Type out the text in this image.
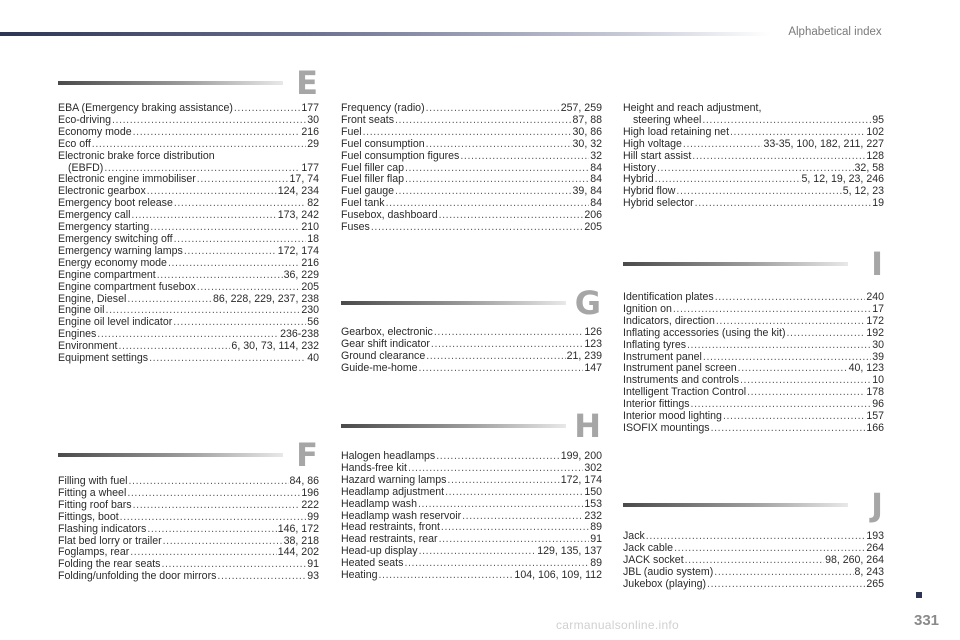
Alphabetical index
E
EBA (Emergency braking assistance) .....	177
Eco-driving .....	30
Economy mode .....	216
Eco off .....	29
Electronic brake force distribution
(EBFD) .....	177
Electronic engine immobiliser .....	17, 74
Electronic gearbox .....	124, 234
Emergency boot release .....	82
Emergency call .....	173, 242
Emergency starting .....	210
Emergency switching off .....	18
Emergency warning lamps .....	172, 174
Energy economy mode .....	216
Engine compartment .....	36, 229
Engine compartment fusebox .....	205
Engine, Diesel .....	86, 228, 229, 237, 238
Engine oil .....	230
Engine oil level indicator .....	56
Engines .....	236-238
Environment .....	6, 30, 73, 114, 232
Equipment settings .....	40
F
Filling with fuel .....	84, 86
Fitting a wheel .....	196
Fitting roof bars .....	222
Fittings, boot .....	99
Flashing indicators .....	146, 172
Flat bed lorry or trailer .....	38, 218
Foglamps, rear .....	144, 202
Folding the rear seats .....	91
Folding/unfolding the door mirrors .....	93
Frequency (radio) .....	257, 259
Front seats .....	87, 88
Fuel .....	30, 86
Fuel consumption .....	30, 32
Fuel consumption figures .....	32
Fuel filler cap .....	84
Fuel filler flap .....	84
Fuel gauge .....	39, 84
Fuel tank .....	84
Fusebox, dashboard .....	206
Fuses .....	205
G
Gearbox, electronic .....	126
Gear shift indicator .....	123
Ground clearance .....	21, 239
Guide-me-home .....	147
H
Halogen headlamps .....	199, 200
Hands-free kit .....	302
Hazard warning lamps .....	172, 174
Headlamp adjustment .....	150
Headlamp wash .....	153
Headlamp wash reservoir .....	232
Head restraints, front .....	89
Head restraints, rear .....	91
Head-up display .....	129, 135, 137
Heated seats .....	89
Heating .....	104, 106, 109, 112
Height and reach adjustment,
steering wheel .....	95
High load retaining net .....	102
High voltage .....	33-35, 100, 182, 211, 227
Hill start assist .....	128
History .....	32, 58
Hybrid .....	5, 12, 19, 23, 246
Hybrid flow .....	5, 12, 23
Hybrid selector .....	19
I
Identification plates .....	240
Ignition on .....	17
Indicators, direction .....	172
Inflating accessories (using the kit) .....	192
Inflating tyres .....	30
Instrument panel .....	39
Instrument panel screen .....	40, 123
Instruments and controls .....	10
Intelligent Traction Control .....	178
Interior fittings .....	96
Interior mood lighting .....	157
ISOFIX mountings .....	166
J
Jack .....	193
Jack cable .....	264
JACK socket .....	98, 260, 264
JBL (audio system) .....	8, 243
Jukebox (playing) .....	265
331
carmanualsonline.info
